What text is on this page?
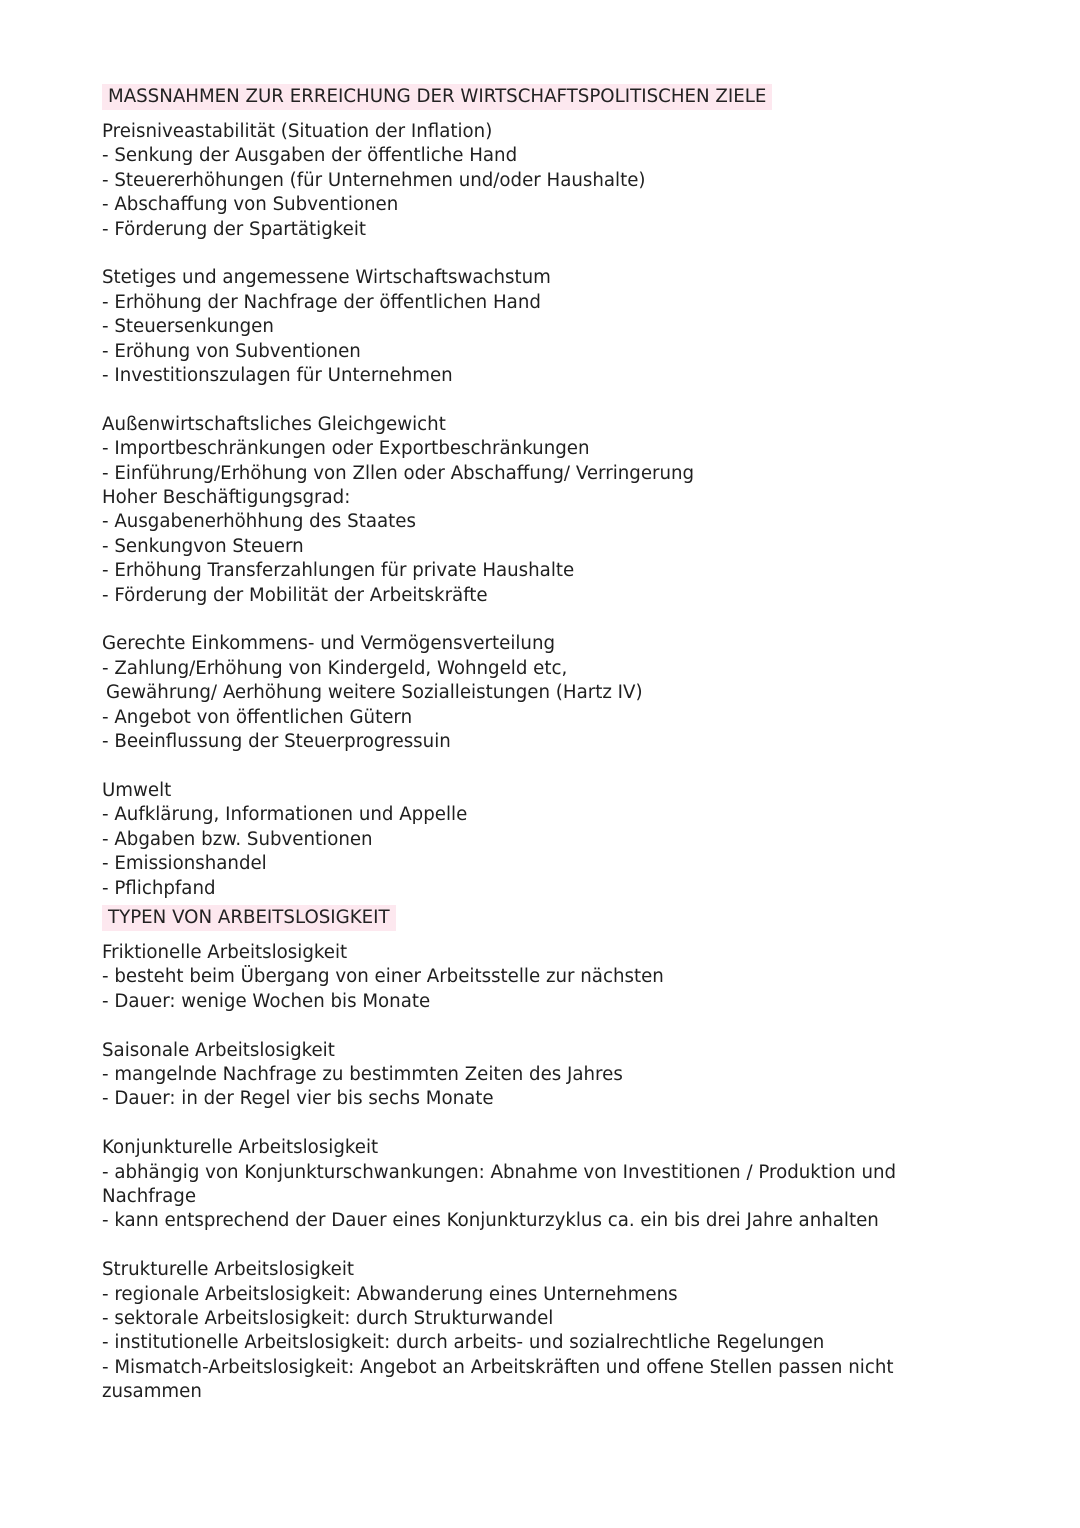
MASSNAHMEN ZUR ERREICHUNG DER WIRTSCHAFTSPOLITISCHEN ZIELE
Preisniveastabilität (Situation der Inflation)
- Senkung der Ausgaben der öffentliche Hand
- Steuererhöhungen (für Unternehmen und/oder Haushalte)
- Abschaffung von Subventionen
- Förderung der Spartätigkeit
Stetiges und angemessene Wirtschaftswachstum
- Erhöhung der Nachfrage der öffentlichen Hand
- Steuersenkungen
- Eröhung von Subventionen
- Investitionszulagen für Unternehmen
Außenwirtschaftsliches Gleichgewicht
- Importbeschränkungen oder Exportbeschränkungen
- Einführung/Erhöhung von Zllen oder Abschaffung/ Verringerung
Hoher Beschäftigungsgrad:
- Ausgabenerhöhhung des Staates
- Senkungvon Steuern
- Erhöhung Transferzahlungen für private Haushalte
- Förderung der Mobilität der Arbeitskräfte
Gerechte Einkommens- und Vermögensverteilung
- Zahlung/Erhöhung von Kindergeld, Wohngeld etc,
Gewährung/ Aerhöhung weitere Sozialleistungen (Hartz IV)
- Angebot von öffentlichen Gütern
- Beeinflussung der Steuerprogressuin
Umwelt
- Aufklärung, Informationen und Appelle
- Abgaben bzw. Subventionen
- Emissionshandel
- Pflichpfand
TYPEN VON ARBEITSLOSIGKEIT
Friktionelle Arbeitslosigkeit
- besteht beim Übergang von einer Arbeitsstelle zur nächsten
- Dauer: wenige Wochen bis Monate
Saisonale Arbeitslosigkeit
- mangelnde Nachfrage zu bestimmten Zeiten des Jahres
- Dauer: in der Regel vier bis sechs Monate
Konjunkturelle Arbeitslosigkeit
- abhängig von Konjunkturschwankungen: Abnahme von Investitionen / Produktion und
Nachfrage
- kann entsprechend der Dauer eines Konjunkturzyklus ca. ein bis drei Jahre anhalten
Strukturelle Arbeitslosigkeit
- regionale Arbeitslosigkeit: Abwanderung eines Unternehmens
- sektorale Arbeitslosigkeit: durch Strukturwandel
- institutionelle Arbeitslosigkeit: durch arbeits- und sozialrechtliche Regelungen
- Mismatch-Arbeitslosigkeit: Angebot an Arbeitskräften und offene Stellen passen nicht
zusammen
